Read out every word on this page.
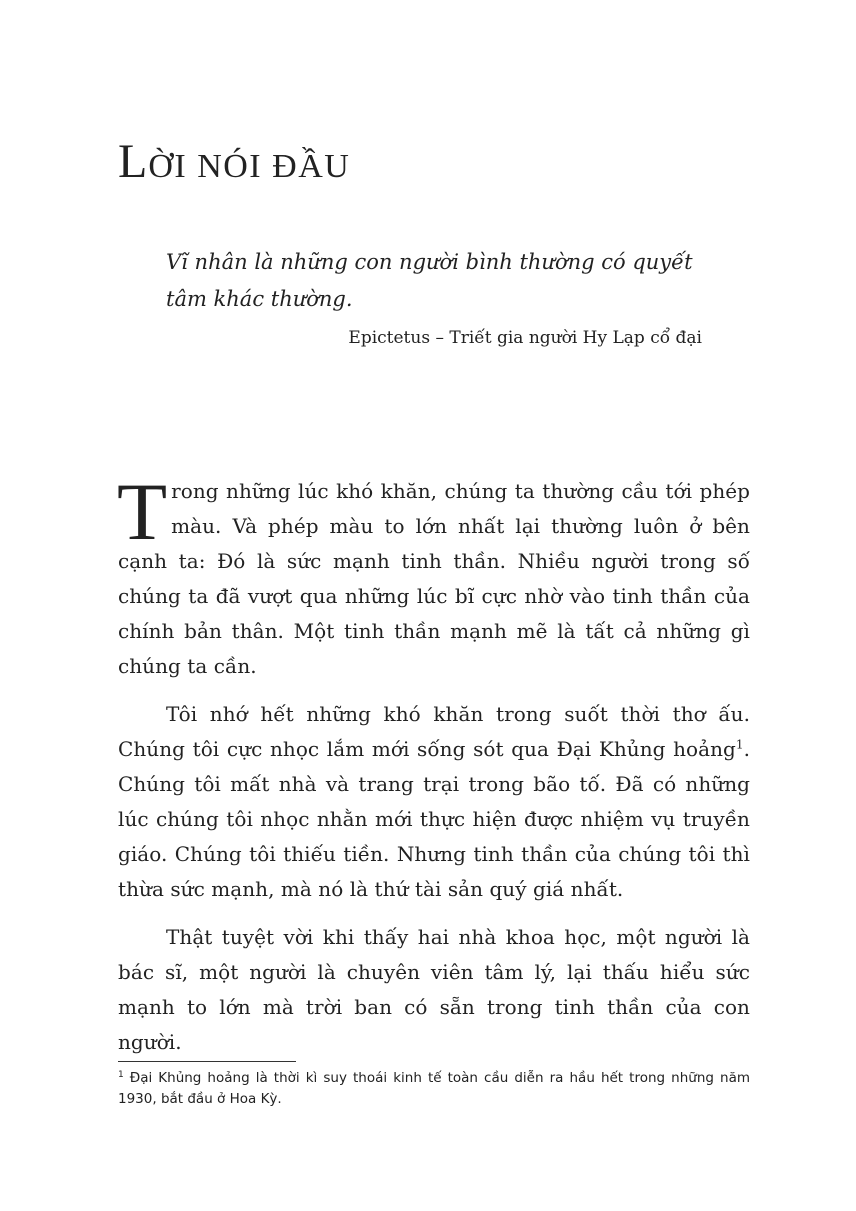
LỜI NÓI ĐẦU

Vĩ nhân là những con người bình thường có quyết tâm khác thường.

Epictetus – Triết gia người Hy Lạp cổ đại

Trong những lúc khó khăn, chúng ta thường cầu tới phép màu. Và phép màu to lớn nhất lại thường luôn ở bên cạnh ta: Đó là sức mạnh tinh thần. Nhiều người trong số chúng ta đã vượt qua những lúc bĩ cực nhờ vào tinh thần của chính bản thân. Một tinh thần mạnh mẽ là tất cả những gì chúng ta cần.

Tôi nhớ hết những khó khăn trong suốt thời thơ ấu. Chúng tôi cực nhọc lắm mới sống sót qua Đại Khủng hoảng$^1$. Chúng tôi mất nhà và trang trại trong bão tố. Đã có những lúc chúng tôi nhọc nhằn mới thực hiện được nhiệm vụ truyền giáo. Chúng tôi thiếu tiền. Nhưng tinh thần của chúng tôi thì thừa sức mạnh, mà nó là thứ tài sản quý giá nhất.

Thật tuyệt vời khi thấy hai nhà khoa học, một người là bác sĩ, một người là chuyên viên tâm lý, lại thấu hiểu sức mạnh to lớn mà trời ban có sẵn trong tinh thần của con người.

$^1$ Đại Khủng hoảng là thời kì suy thoái kinh tế toàn cầu diễn ra hầu hết trong những năm 1930, bắt đầu ở Hoa Kỳ.
